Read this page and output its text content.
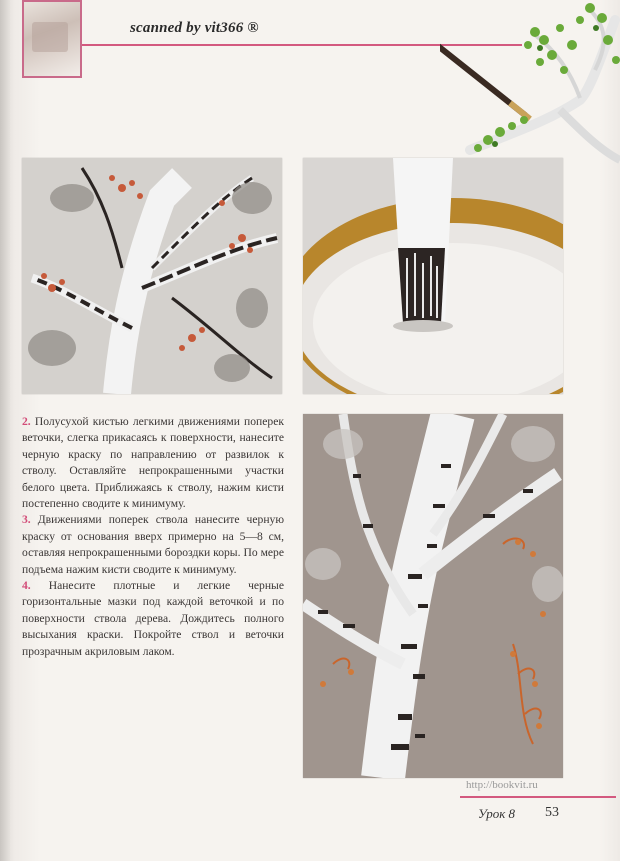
scanned by vit366 ®

2. Полусухой кистью легкими движениями поперек веточки, слегка прикасаясь к поверхности, нанесите черную краску по направлению от развилок к стволу. Оставляйте непрокрашенными участки белого цвета. Приближаясь к стволу, нажим кисти постепенно сводите к минимуму.

3. Движениями поперек ствола нанесите черную краску от основания вверх примерно на 5—8 см, оставляя непрокрашенными бороздки коры. По мере подъема нажим кисти сводите к минимуму.

4. Нанесите плотные и легкие черные горизонтальные мазки под каждой веточкой и по поверхности ствола дерева. Дождитесь полного высыхания краски. Покройте ствол и веточки прозрачным акриловым лаком.

http://bookvit.ru
Урок 8 53
